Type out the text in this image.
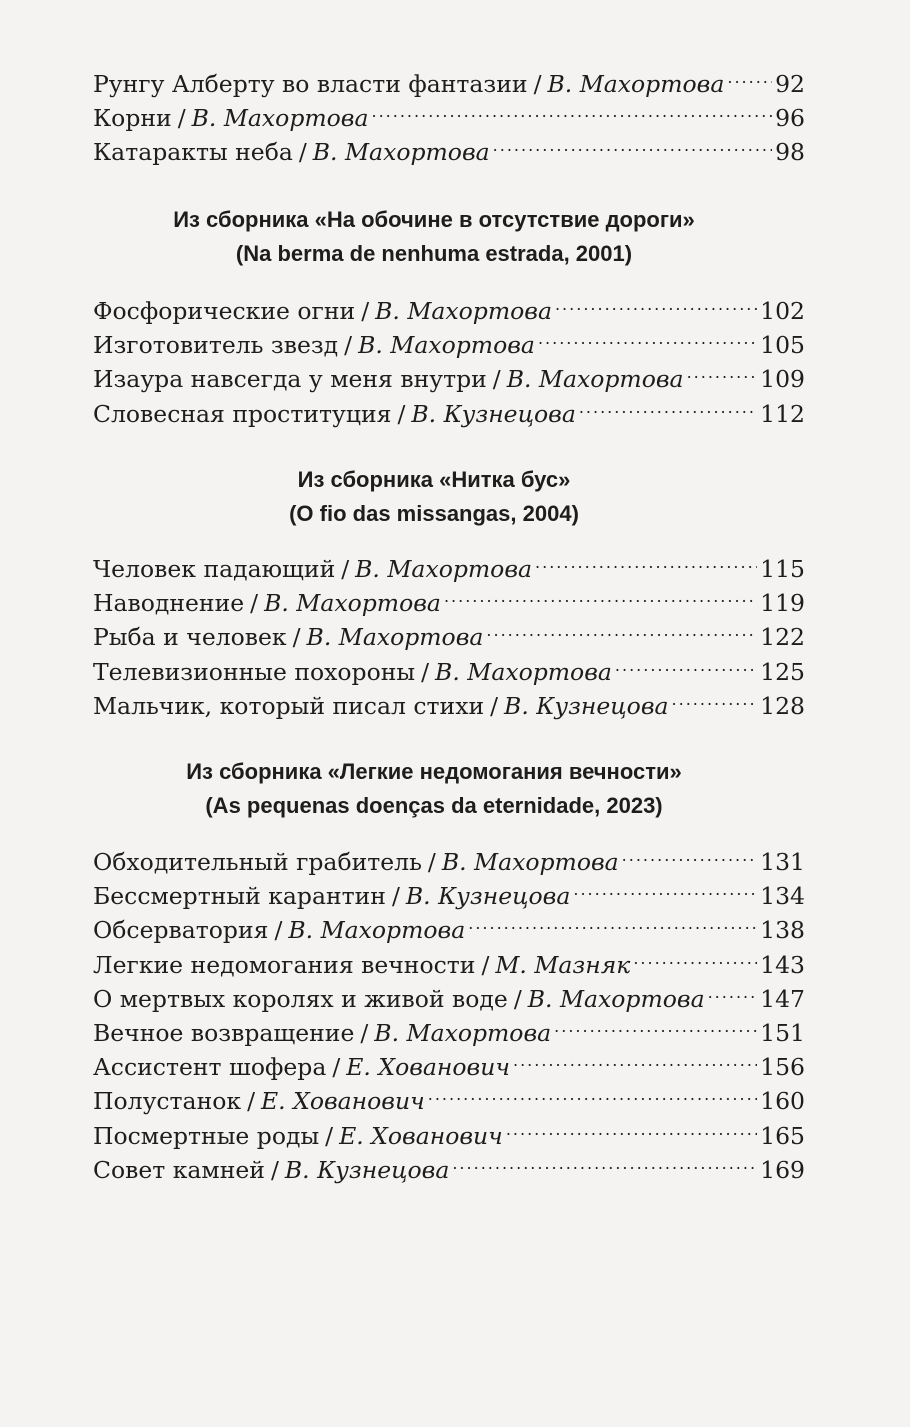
Рунгу Алберту во власти фантазии / В. Махортова ..... 92
Корни / В. Махортова .....	96
Катаракты неба / В. Махортова .....	98
Из сборника «На обочине в отсутствие дороги»
(Na berma de nenhuma estrada, 2001)
Фосфорические огни / В. Махортова .....	102
Изготовитель звезд / В. Махортова .....	105
Изаура навсегда у меня внутри / В. Махортова .....	109
Словесная проституция / В. Кузнецова .....	112
Из сборника «Нитка бус»
(O fio das missangas, 2004)
Человек падающий / В. Махортова .....	115
Наводнение / В. Махортова .....	119
Рыба и человек / В. Махортова .....	122
Телевизионные похороны / В. Махортова .....	125
Мальчик, который писал стихи / В. Кузнецова .....	128
Из сборника «Легкие недомогания вечности»
(As pequenas doenças da eternidade, 2023)
Обходительный грабитель / В. Махортова .....	131
Бессмертный карантин / В. Кузнецова .....	134
Обсерватория / В. Махортова .....	138
Легкие недомогания вечности / М. Мазняк .....	143
О мертвых королях и живой воде / В. Махортова ..... 147
Вечное возвращение / В. Махортова .....	151
Ассистент шофера / Е. Хованович .....	156
Полустанок / Е. Хованович .....	160
Посмертные роды / Е. Хованович .....	165
Совет камней / В. Кузнецова .....	169
